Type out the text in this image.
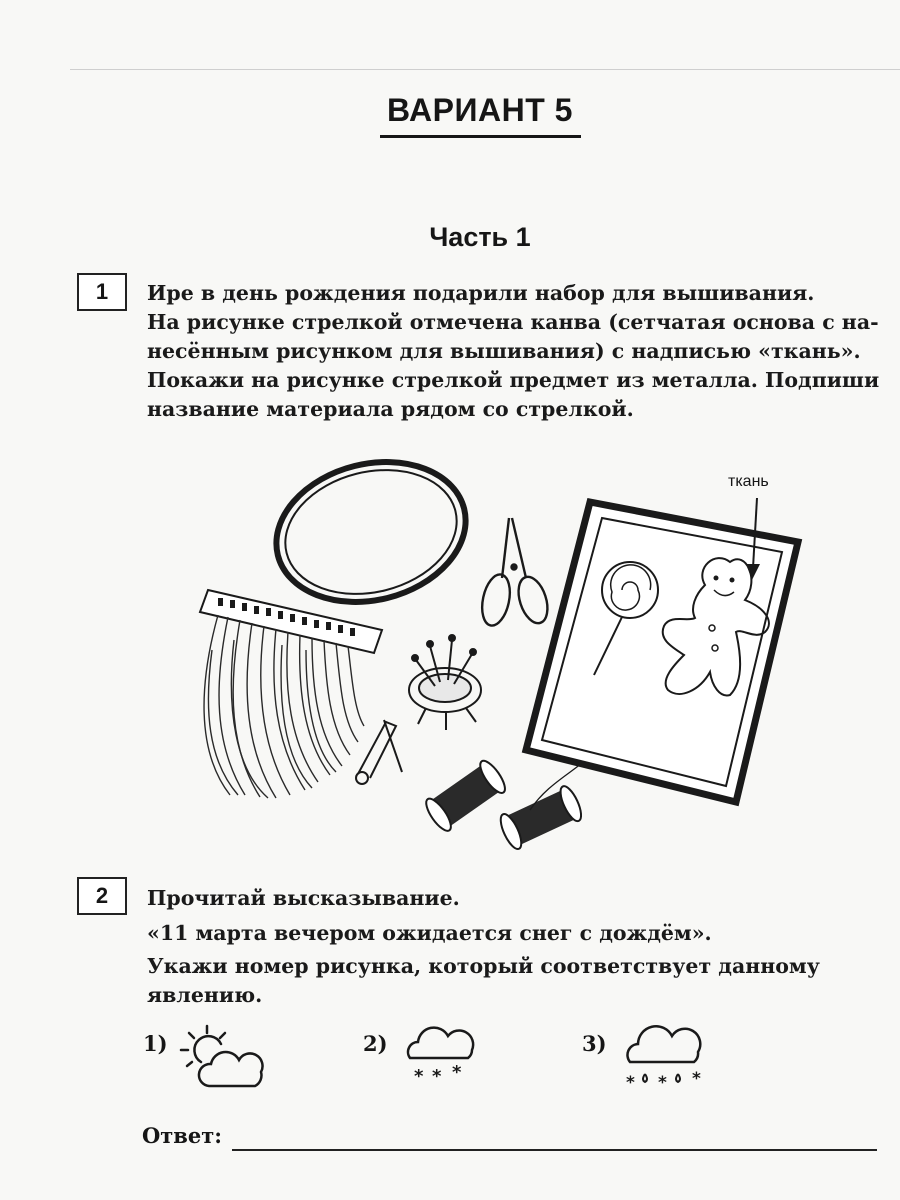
ВАРИАНТ 5
Часть 1
1	Ире в день рождения подарили набор для вышивания.
На рисунке стрелкой отмечена канва (сетчатая основа с на-
несённым рисунком для вышивания) с надписью «ткань».
Покажи на рисунке стрелкой предмет из металла. Подпиши
название материала рядом со стрелкой.
ткань
2	Прочитай высказывание.
«11 марта вечером ожидается снег с дождём».
Укажи номер рисунка, который соответствует данному
явлению.
1)	2)
* * *
3)
* * *
Ответ:
